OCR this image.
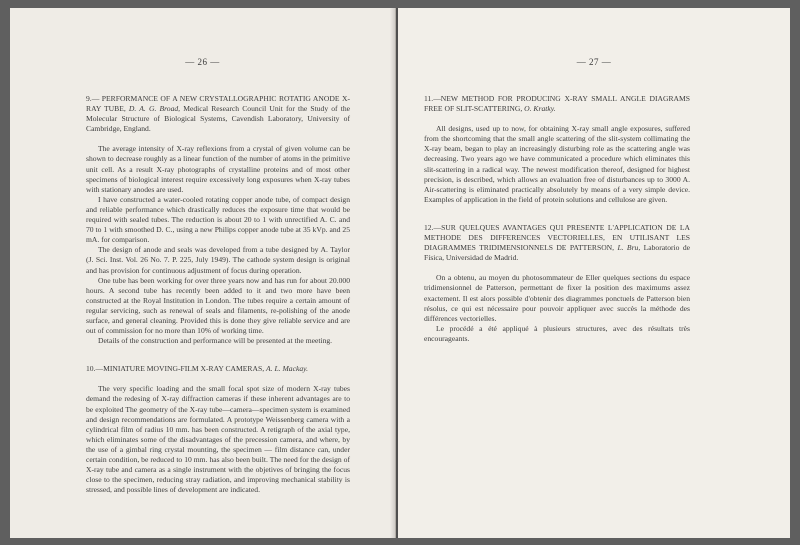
— 26 —

9.— PERFORMANCE OF A NEW CRYSTALLOGRAPHIC ROTATIG ANODE X-RAY TUBE, D. A. G. Broad, Medical Research Council Unit for the Study of the Molecular Structure of Biological Systems, Cavendish Laboratory, University of Cambridge, England.

The average intensity of X-ray reflexions from a crystal of given volume can be shown to decrease roughly as a linear function of the number of atoms in the primitive unit cell. As a result X-ray photographs of crystalline proteins and of most other specimens of biological interest require excessively long exposures when X-ray tubes with stationary anodes are used.

I have constructed a water-cooled rotating copper anode tube, of compact design and reliable performance which drastically reduces the exposure time that would be required with sealed tubes. The reduction is about 20 to 1 with unrectified A. C. and 70 to 1 with smoothed D. C., using a new Philips copper anode tube at 35 kVp. and 25 mA. for comparison.

The design of anode and seals was developed from a tube designed by A. Taylor (J. Sci. Inst. Vol. 26 No. 7. P. 225, July 1949). The cathode system design is original and has provision for continuous adjustment of focus during operation.

One tube has been working for over three years now and has run for about 20.000 hours. A second tube has recently been added to it and two more have been constructed at the Royal Institution in London. The tubes require a certain amount of regular servicing, such as renewal of seals and filaments, re-polishing of the anode surface, and general cleaning. Provided this is done they give reliable service and are out of commission for no more than 10% of working time.

Details of the construction and performance will be presented at the meeting.

10.—MINIATURE MOVING-FILM X-RAY CAMERAS, A. L. Mackay.

The very specific loading and the small focal spot size of modern X-ray tubes demand the redesing of X-ray diffraction cameras if these inherent advantages are to be exploited The geometry of the X-ray tube—camera—specimen system is examined and design recommendations are formulated. A prototype Weissenberg camera with a cylindrical film of radius 10 mm. has been constructed. A retigraph of the axial type, which eliminates some of the disadvantages of the precession camera, and where, by the use of a gimbal ring crystal mounting, the specimen — film distance can, under certain condition, be reduced to 10 mm. has also been built. The need for the design of X-ray tube and camera as a single instrument with the objetives of bringing the focus close to the specimen, reducing stray radiation, and improving mechanical stability is stressed, and possible lines of development are indicated.

— 27 —

11.—NEW METHOD FOR PRODUCING X-RAY SMALL ANGLE DIAGRAMS FREE OF SLIT-SCATTERING, O. Kratky.

All designs, used up to now, for obtaining X-ray small angle exposures, suffered from the shortcoming that the small angle scattering of the slit-system collimating the X-ray beam, began to play an increasingly disturbing role as the scattering angle was decreasing. Two years ago we have communicated a procedure which eliminates this slit-scattering in a radical way. The newest modification thereof, designed for highest precision, is described, which allows an evaluation free of disturbances up to 3000 A. Air-scattering is eliminated practically absolutely by means of a very simple device. Examples of application in the field of protein solutions and cellulose are given.

12.—SUR QUELQUES AVANTAGES QUI PRESENTE L'APPLICATION DE LA METHODE DES DIFFERENCES VECTORIELLES, EN UTILISANT LES DIAGRAMMES TRIDIMENSIONNELS DE PATTERSON, L. Bru, Laboratorio de Física, Universidad de Madrid.

On a obtenu, au moyen du photosommateur de Eller quelques sections du espace tridimensionnel de Patterson, permettant de fixer la position des maximums assez exactement. Il est alors possible d'obtenir des diagrammes ponctuels de Patterson bien résolus, ce qui est nécessaire pour pouvoir appliquer avec succès la méthode des différences vectorielles.

Le procédé a été appliqué à plusieurs structures, avec des résultats très encourageants.
